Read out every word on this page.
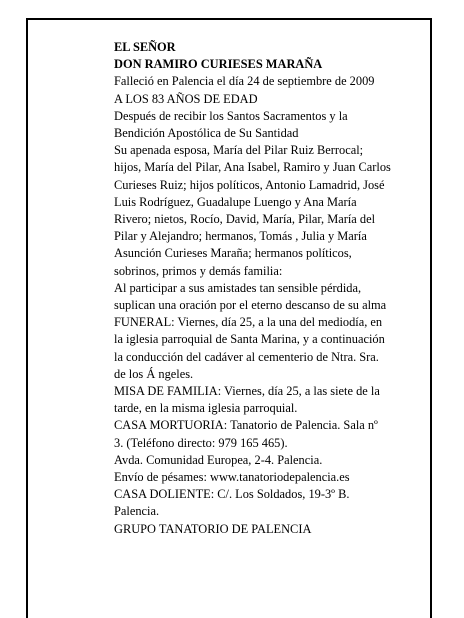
EL SEÑOR

DON RAMIRO CURIESES MARAÑA

Falleció en Palencia el día 24 de septiembre de 2009

A LOS 83 AÑOS DE EDAD

Después de recibir los Santos Sacramentos y la
Bendición Apostólica de Su Santidad

Su apenada esposa, María del Pilar Ruiz Berrocal;
hijos, María del Pilar, Ana Isabel, Ramiro y Juan Carlos
Curieses Ruiz; hijos políticos, Antonio Lamadrid, José
Luis Rodríguez, Guadalupe Luengo y Ana María
Rivero; nietos, Rocío, David, María, Pilar, María del
Pilar y Alejandro; hermanos, Tomás , Julia y María
Asunción Curieses Maraña; hermanos políticos,
sobrinos, primos y demás familia:

Al participar a sus amistades tan sensible pérdida,
suplican una oración por el eterno descanso de su alma

FUNERAL: Viernes, día 25, a la una del mediodía, en
la iglesia parroquial de Santa Marina, y a continuación
la conducción del cadáver al cementerio de Ntra. Sra.
de los Á ngeles.

MISA DE FAMILIA: Viernes, día 25, a las siete de la
tarde, en la misma iglesia parroquial.

CASA MORTUORIA: Tanatorio de Palencia. Sala nº
3. (Teléfono directo: 979 165 465).

Avda. Comunidad Europea, 2-4. Palencia.

Envío de pésames: www.tanatoriodepalencia.es

CASA DOLIENTE: C/. Los Soldados, 19-3º B.
Palencia.

GRUPO TANATORIO DE PALENCIA
